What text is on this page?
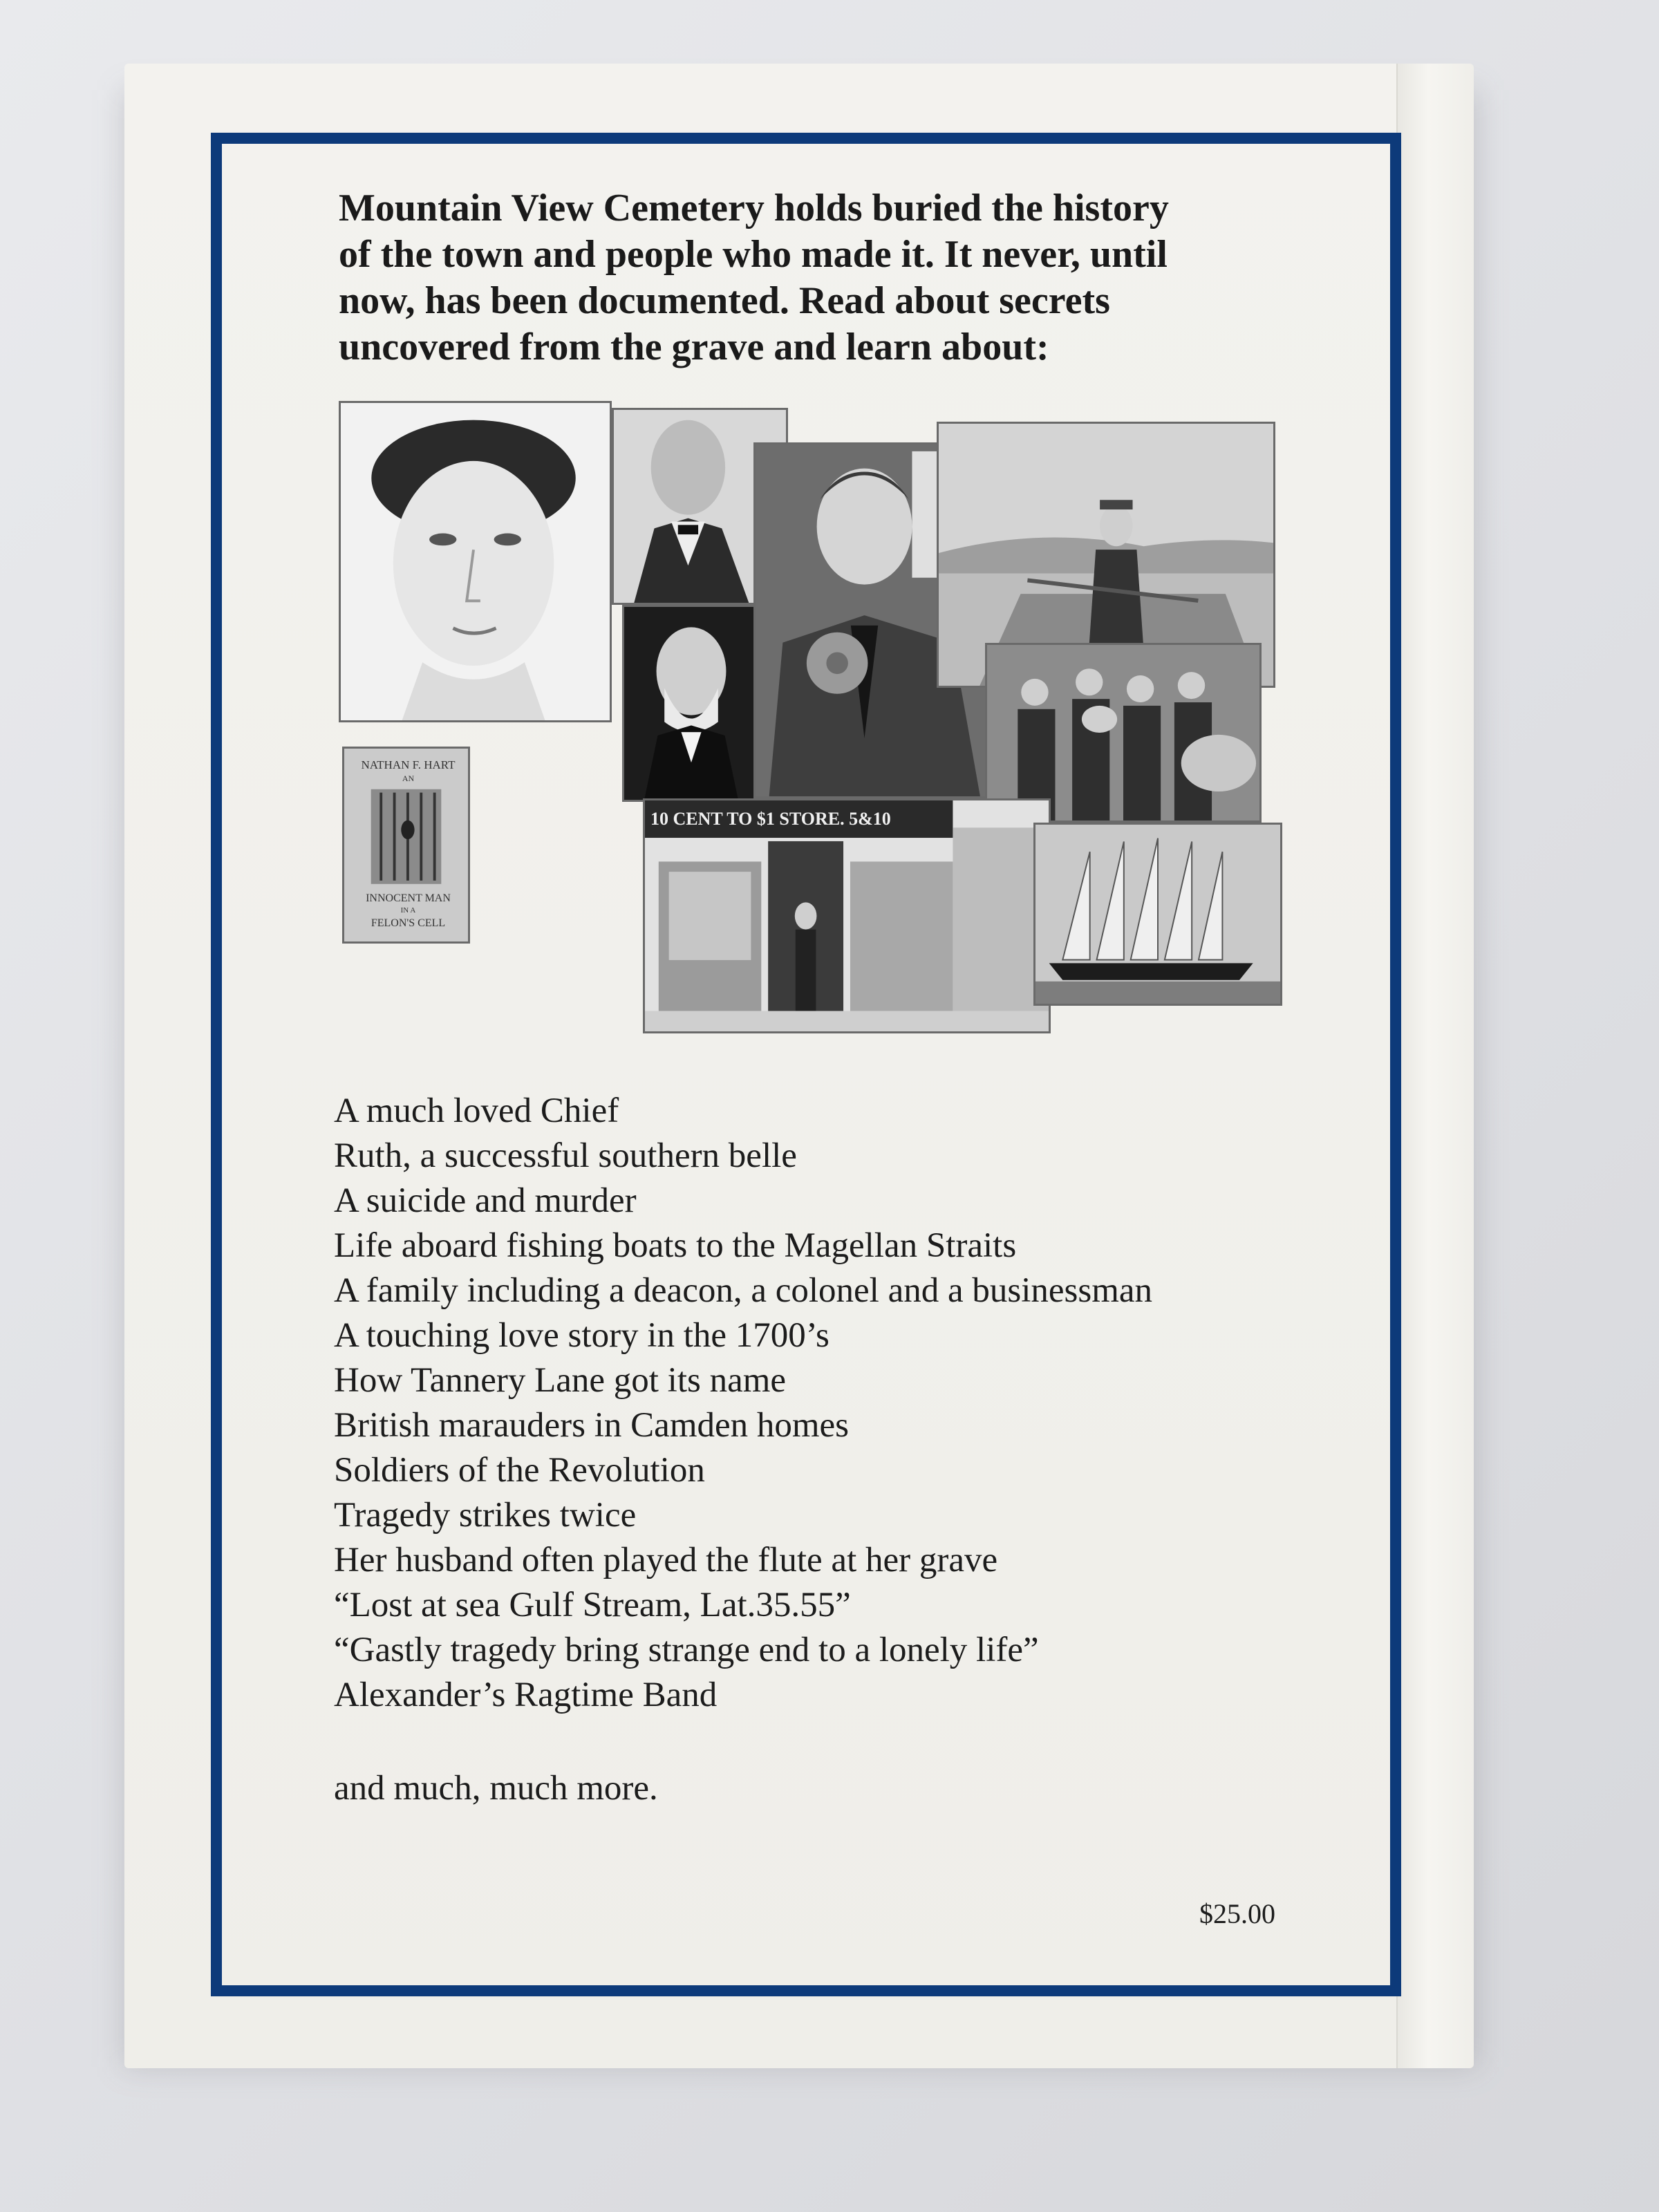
Mountain View Cemetery holds buried the history
of the town and people who made it. It never, until
now, has been documented. Read about secrets
uncovered from the grave and learn about:

NATHAN F. HART
AN
INNOCENT MAN
IN A
FELON'S CELL
10 CENT TO $1 STORE. 5&10
A much loved Chief
Ruth, a successful southern belle
A suicide and murder
Life aboard fishing boats to the Magellan Straits
A family including a deacon, a colonel and a businessman
A touching love story in the 1700’s
How Tannery Lane got its name
British marauders in Camden homes
Soldiers of the Revolution
Tragedy strikes twice
Her husband often played the flute at her grave
“Lost at sea Gulf Stream, Lat.35.55”
“Gastly tragedy bring strange end to a lonely life”
Alexander’s Ragtime Band

and much, much more.

$25.00
